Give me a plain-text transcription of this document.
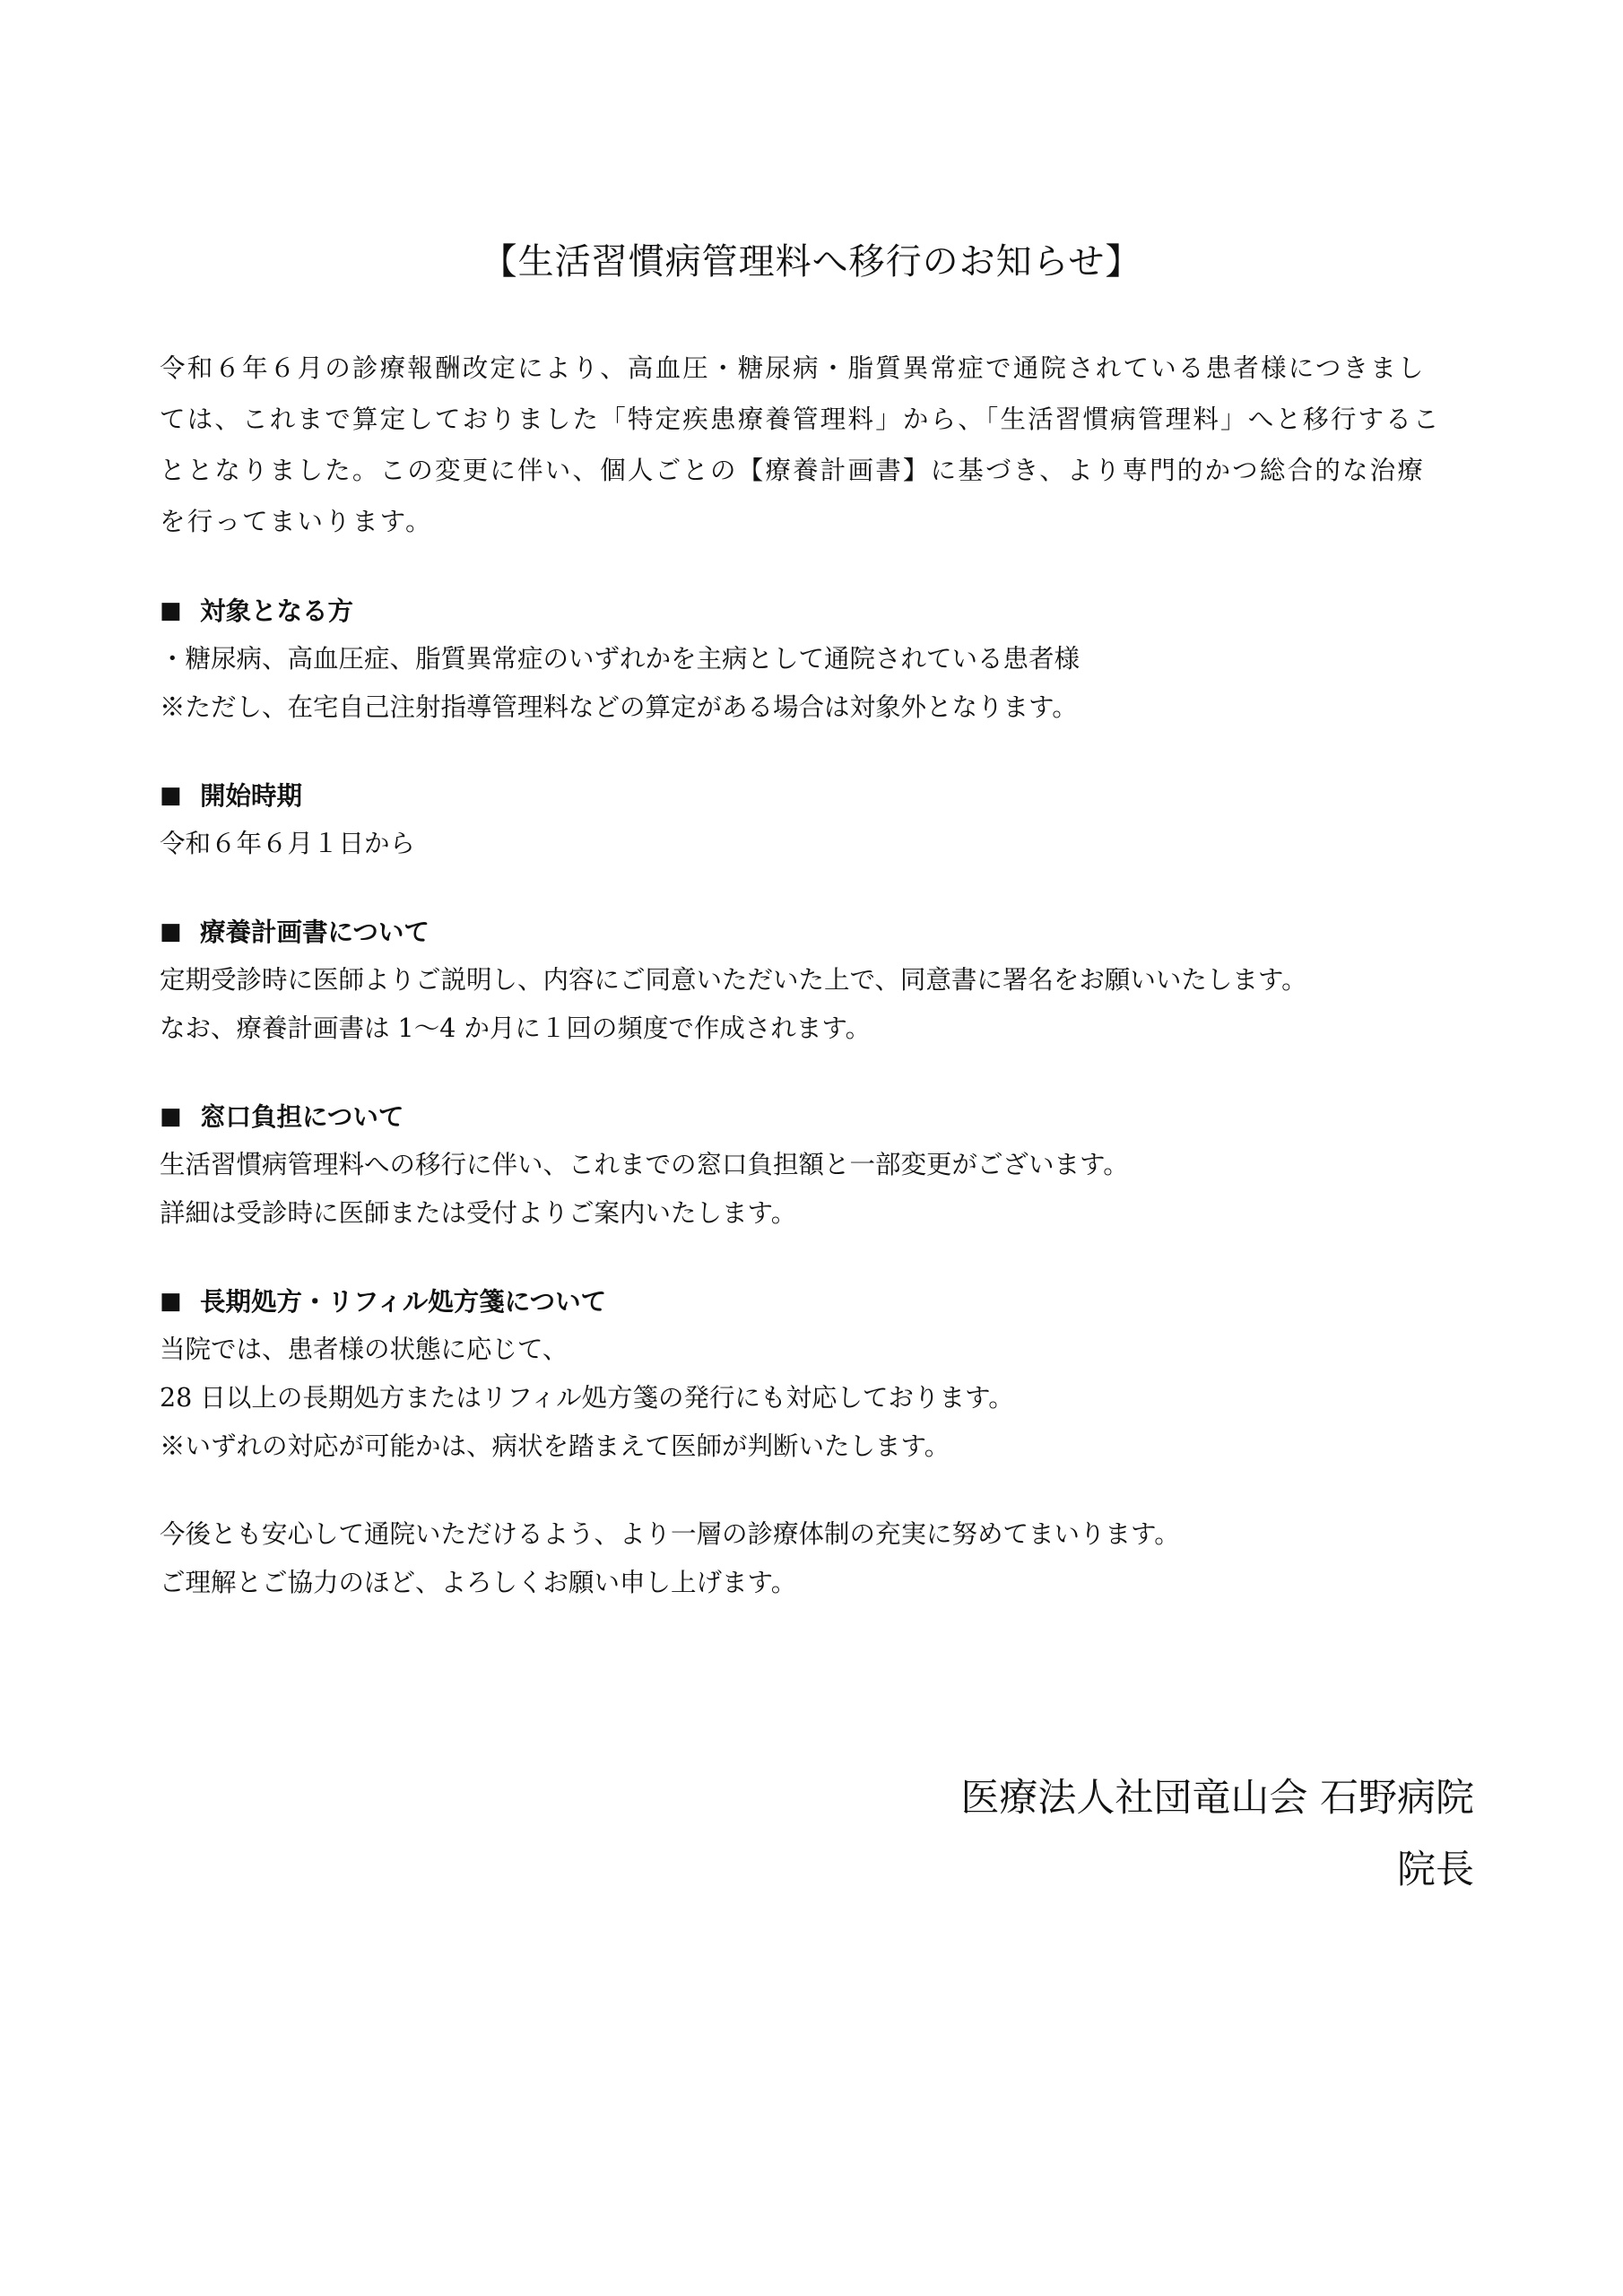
【生活習慣病管理料へ移行のお知らせ】

令和６年６月の診療報酬改定により、高血圧・糖尿病・脂質異常症で通院されている患者様につきまし

ては、これまで算定しておりました「特定疾患療養管理料」から、「生活習慣病管理料」へと移行するこ

ととなりました。この変更に伴い、個人ごとの【療養計画書】に基づき、より専門的かつ総合的な治療

を行ってまいります。

■ 対象となる方

・糖尿病、高血圧症、脂質異常症のいずれかを主病として通院されている患者様

※ただし、在宅自己注射指導管理料などの算定がある場合は対象外となります。

■ 開始時期

令和６年６月１日から

■ 療養計画書について

定期受診時に医師よりご説明し、内容にご同意いただいた上で、同意書に署名をお願いいたします。

なお、療養計画書は 1〜4 か月に１回の頻度で作成されます。

■ 窓口負担について

生活習慣病管理料への移行に伴い、これまでの窓口負担額と一部変更がございます。

詳細は受診時に医師または受付よりご案内いたします。

■ 長期処方・リフィル処方箋について

当院では、患者様の状態に応じて、

28 日以上の長期処方またはリフィル処方箋の発行にも対応しております。

※いずれの対応が可能かは、病状を踏まえて医師が判断いたします。

今後とも安心して通院いただけるよう、より一層の診療体制の充実に努めてまいります。

ご理解とご協力のほど、よろしくお願い申し上げます。

医療法人社団竜山会 石野病院
院長
